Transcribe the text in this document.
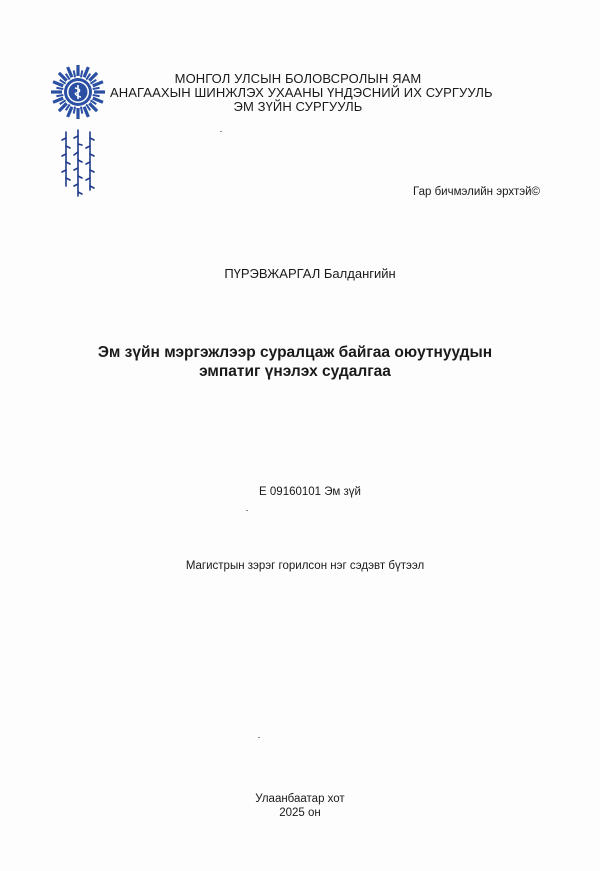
МОНГОЛ УЛСЫН БОЛОВСРОЛЫН ЯАМ
АНАГААХЫН ШИНЖЛЭХ УХААНЫ ҮНДЭСНИЙ ИХ СУРГУУЛЬ
ЭМ ЗҮЙН СУРГУУЛЬ
Гар бичмэлийн эрхтэй©
ПҮРЭВЖАРГАЛ Балдангийн
Эм зүйн мэргэжлээр суралцаж байгаа оюутнуудын
эмпатиг үнэлэх судалгаа
Е 09160101 Эм зүй
Магистрын зэрэг горилсон нэг сэдэвт бүтээл
Улаанбаатар хот
2025 он
